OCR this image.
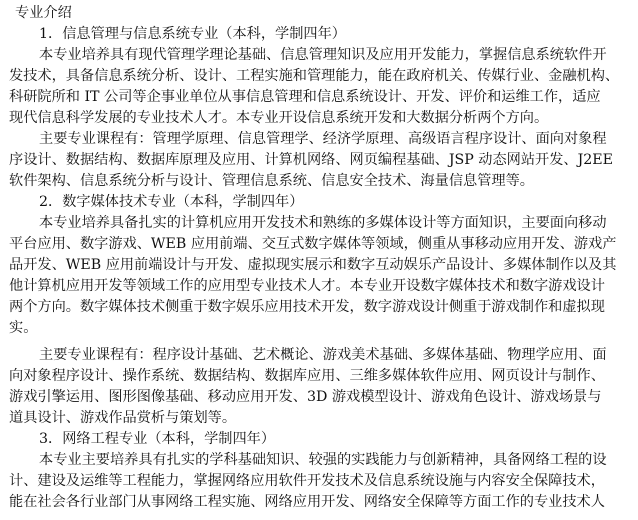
专业介绍
1．信息管理与信息系统专业（本科，学制四年）
本专业培养具有现代管理学理论基础、信息管理知识及应用开发能力，掌握信息系统软件开
发技术，具备信息系统分析、设计、工程实施和管理能力，能在政府机关、传媒行业、金融机构、
科研院所和 IT 公司等企事业单位从事信息管理和信息系统设计、开发、评价和运维工作，适应
现代信息科学发展的专业技术人才。本专业开设信息系统开发和大数据分析两个方向。
主要专业课程有：管理学原理、信息管理学、经济学原理、高级语言程序设计、面向对象程
序设计、数据结构、数据库原理及应用、计算机网络、网页编程基础、JSP 动态网站开发、J2EE
软件架构、信息系统分析与设计、管理信息系统、信息安全技术、海量信息管理等。
2．数字媒体技术专业（本科，学制四年）
本专业培养具备扎实的计算机应用开发技术和熟练的多媒体设计等方面知识，主要面向移动
平台应用、数字游戏、WEB 应用前端、交互式数字媒体等领域，侧重从事移动应用开发、游戏产
品开发、WEB 应用前端设计与开发、虚拟现实展示和数字互动娱乐产品设计、多媒体制作以及其
他计算机应用开发等领域工作的应用型专业技术人才。本专业开设数字媒体技术和数字游戏设计
两个方向。数字媒体技术侧重于数字娱乐应用技术开发，数字游戏设计侧重于游戏制作和虚拟现
实。
主要专业课程有：程序设计基础、艺术概论、游戏美术基础、多媒体基础、物理学应用、面
向对象程序设计、操作系统、数据结构、数据库应用、三维多媒体软件应用、网页设计与制作、
游戏引擎运用、图形图像基础、移动应用开发、3D 游戏模型设计、游戏角色设计、游戏场景与
道具设计、游戏作品赏析与策划等。
3．网络工程专业（本科，学制四年）
本专业主要培养具有扎实的学科基础知识、较强的实践能力与创新精神，具备网络工程的设
计、建设及运维等工程能力，掌握网络应用软件开发技术及信息系统设施与内容安全保障技术，
能在社会各行业部门从事网络工程实施、网络应用开发、网络安全保障等方面工作的专业技术人
